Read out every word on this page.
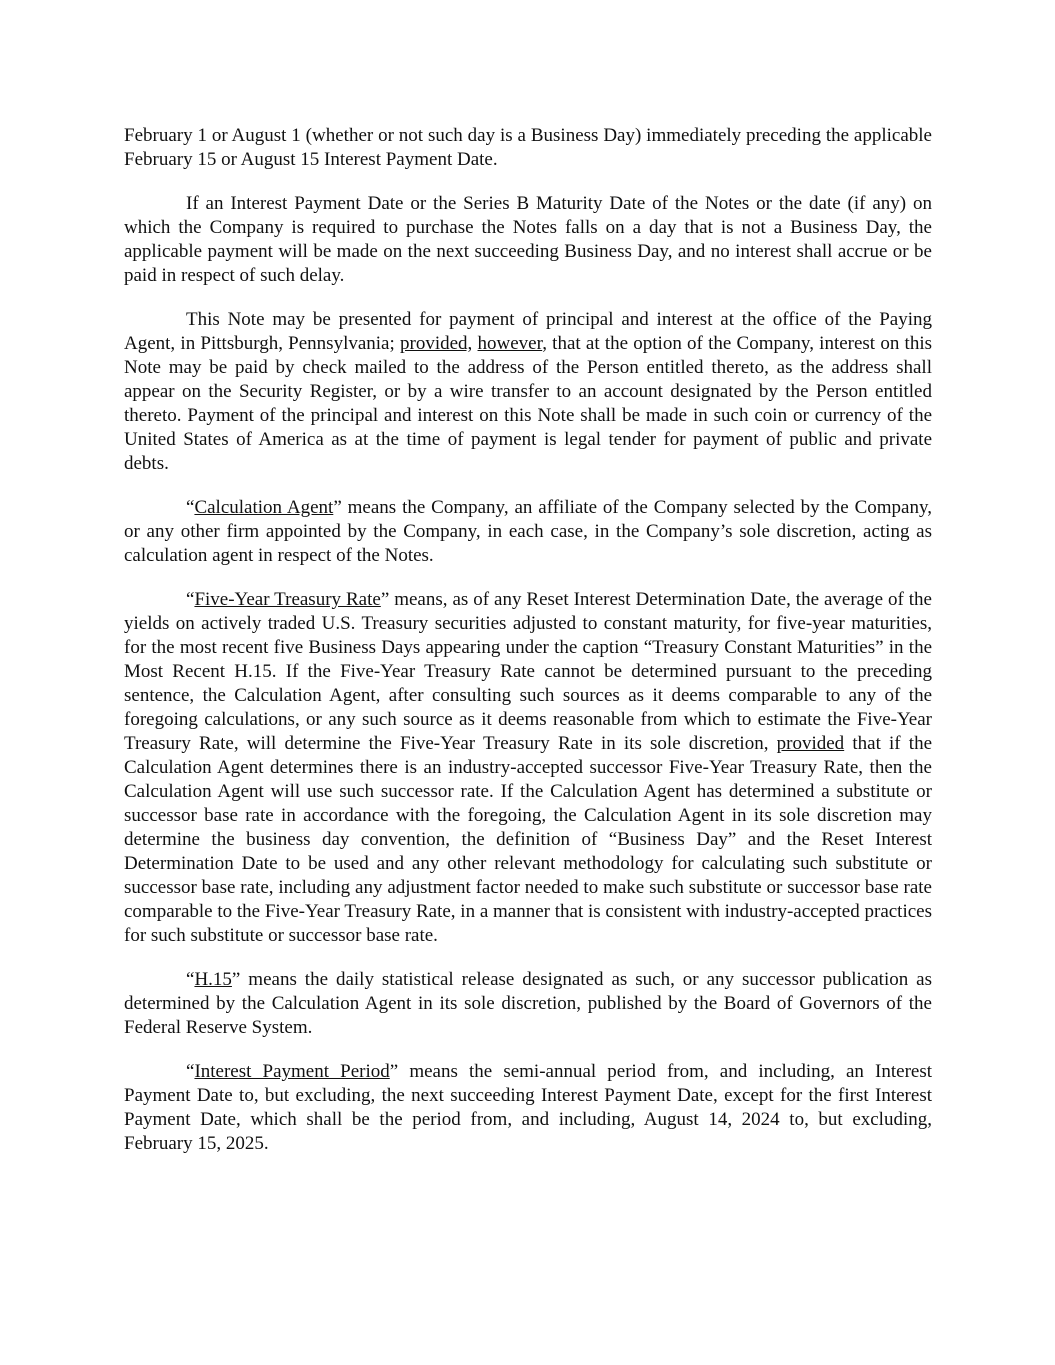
February 1 or August 1 (whether or not such day is a Business Day) immediately preceding the applicable February 15 or August 15 Interest Payment Date.

If an Interest Payment Date or the Series B Maturity Date of the Notes or the date (if any) on which the Company is required to purchase the Notes falls on a day that is not a Business Day, the applicable payment will be made on the next succeeding Business Day, and no interest shall accrue or be paid in respect of such delay.

This Note may be presented for payment of principal and interest at the office of the Paying Agent, in Pittsburgh, Pennsylvania; provided, however, that at the option of the Company, interest on this Note may be paid by check mailed to the address of the Person entitled thereto, as the address shall appear on the Security Register, or by a wire transfer to an account designated by the Person entitled thereto. Payment of the principal and interest on this Note shall be made in such coin or currency of the United States of America as at the time of payment is legal tender for payment of public and private debts.

“Calculation Agent” means the Company, an affiliate of the Company selected by the Company, or any other firm appointed by the Company, in each case, in the Company’s sole discretion, acting as calculation agent in respect of the Notes.

“Five-Year Treasury Rate” means, as of any Reset Interest Determination Date, the average of the yields on actively traded U.S. Treasury securities adjusted to constant maturity, for five-year maturities, for the most recent five Business Days appearing under the caption “Treasury Constant Maturities” in the Most Recent H.15. If the Five-Year Treasury Rate cannot be determined pursuant to the preceding sentence, the Calculation Agent, after consulting such sources as it deems comparable to any of the foregoing calculations, or any such source as it deems reasonable from which to estimate the Five-Year Treasury Rate, will determine the Five-Year Treasury Rate in its sole discretion, provided that if the Calculation Agent determines there is an industry-accepted successor Five-Year Treasury Rate, then the Calculation Agent will use such successor rate. If the Calculation Agent has determined a substitute or successor base rate in accordance with the foregoing, the Calculation Agent in its sole discretion may determine the business day convention, the definition of “Business Day” and the Reset Interest Determination Date to be used and any other relevant methodology for calculating such substitute or successor base rate, including any adjustment factor needed to make such substitute or successor base rate comparable to the Five-Year Treasury Rate, in a manner that is consistent with industry-accepted practices for such substitute or successor base rate.

“H.15” means the daily statistical release designated as such, or any successor publication as determined by the Calculation Agent in its sole discretion, published by the Board of Governors of the Federal Reserve System.

“Interest Payment Period” means the semi-annual period from, and including, an Interest Payment Date to, but excluding, the next succeeding Interest Payment Date, except for the first Interest Payment Date, which shall be the period from, and including, August 14, 2024 to, but excluding, February 15, 2025.
